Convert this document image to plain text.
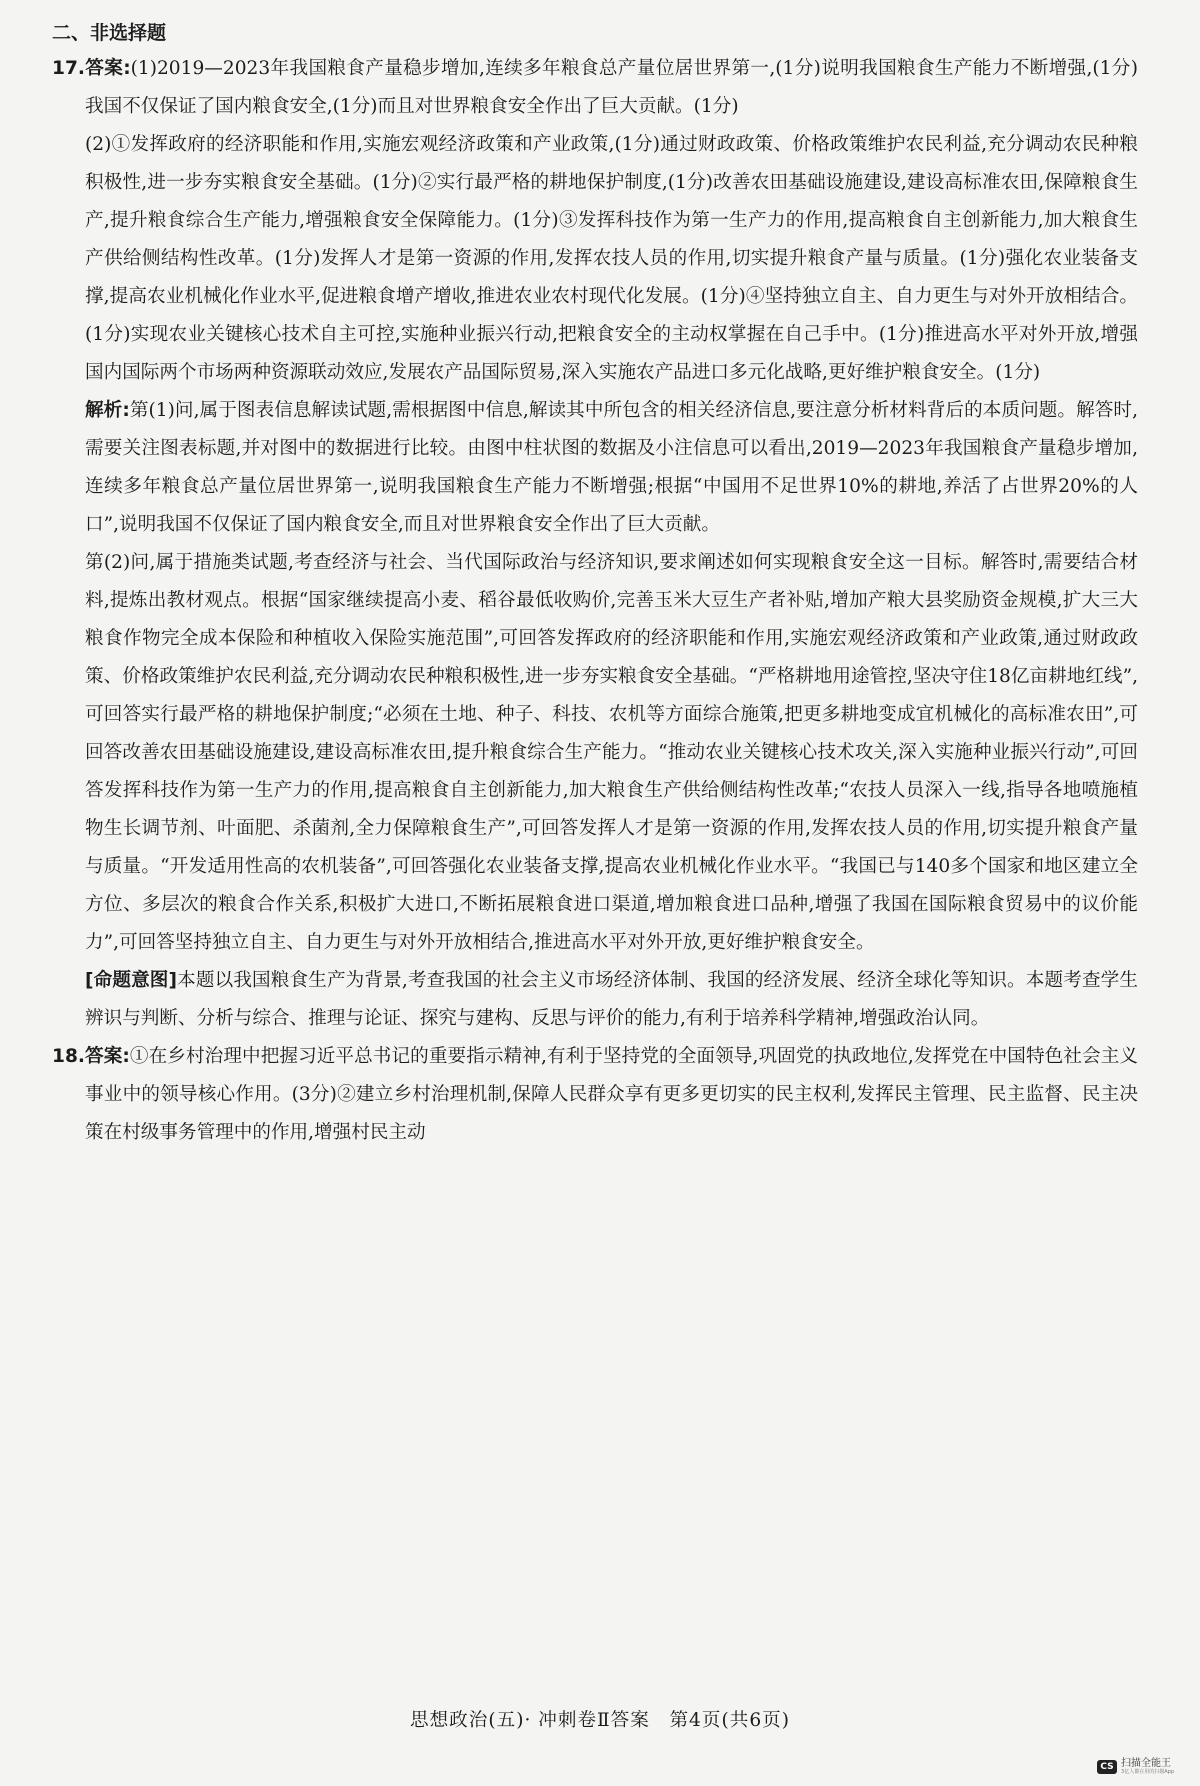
二、非选择题

17.答案:(1)2019—2023年我国粮食产量稳步增加,连续多年粮食总产量位居世界第一,(1分)说明我国粮食生产能力不断增强,(1分)我国不仅保证了国内粮食安全,(1分)而且对世界粮食安全作出了巨大贡献。(1分)

(2)①发挥政府的经济职能和作用,实施宏观经济政策和产业政策,(1分)通过财政政策、价格政策维护农民利益,充分调动农民种粮积极性,进一步夯实粮食安全基础。(1分)②实行最严格的耕地保护制度,(1分)改善农田基础设施建设,建设高标准农田,保障粮食生产,提升粮食综合生产能力,增强粮食安全保障能力。(1分)③发挥科技作为第一生产力的作用,提高粮食自主创新能力,加大粮食生产供给侧结构性改革。(1分)发挥人才是第一资源的作用,发挥农技人员的作用,切实提升粮食产量与质量。(1分)强化农业装备支撑,提高农业机械化作业水平,促进粮食增产增收,推进农业农村现代化发展。(1分)④坚持独立自主、自力更生与对外开放相结合。(1分)实现农业关键核心技术自主可控,实施种业振兴行动,把粮食安全的主动权掌握在自己手中。(1分)推进高水平对外开放,增强国内国际两个市场两种资源联动效应,发展农产品国际贸易,深入实施农产品进口多元化战略,更好维护粮食安全。(1分)

解析:第(1)问,属于图表信息解读试题,需根据图中信息,解读其中所包含的相关经济信息,要注意分析材料背后的本质问题。解答时,需要关注图表标题,并对图中的数据进行比较。由图中柱状图的数据及小注信息可以看出,2019—2023年我国粮食产量稳步增加,连续多年粮食总产量位居世界第一,说明我国粮食生产能力不断增强;根据“中国用不足世界10%的耕地,养活了占世界20%的人口”,说明我国不仅保证了国内粮食安全,而且对世界粮食安全作出了巨大贡献。

第(2)问,属于措施类试题,考查经济与社会、当代国际政治与经济知识,要求阐述如何实现粮食安全这一目标。解答时,需要结合材料,提炼出教材观点。根据“国家继续提高小麦、稻谷最低收购价,完善玉米大豆生产者补贴,增加产粮大县奖励资金规模,扩大三大粮食作物完全成本保险和种植收入保险实施范围”,可回答发挥政府的经济职能和作用,实施宏观经济政策和产业政策,通过财政政策、价格政策维护农民利益,充分调动农民种粮积极性,进一步夯实粮食安全基础。“严格耕地用途管控,坚决守住18亿亩耕地红线”,可回答实行最严格的耕地保护制度;“必须在土地、种子、科技、农机等方面综合施策,把更多耕地变成宜机械化的高标准农田”,可回答改善农田基础设施建设,建设高标准农田,提升粮食综合生产能力。“推动农业关键核心技术攻关,深入实施种业振兴行动”,可回答发挥科技作为第一生产力的作用,提高粮食自主创新能力,加大粮食生产供给侧结构性改革;“农技人员深入一线,指导各地喷施植物生长调节剂、叶面肥、杀菌剂,全力保障粮食生产”,可回答发挥人才是第一资源的作用,发挥农技人员的作用,切实提升粮食产量与质量。“开发适用性高的农机装备”,可回答强化农业装备支撑,提高农业机械化作业水平。“我国已与140多个国家和地区建立全方位、多层次的粮食合作关系,积极扩大进口,不断拓展粮食进口渠道,增加粮食进口品种,增强了我国在国际粮食贸易中的议价能力”,可回答坚持独立自主、自力更生与对外开放相结合,推进高水平对外开放,更好维护粮食安全。

[命题意图]本题以我国粮食生产为背景,考查我国的社会主义市场经济体制、我国的经济发展、经济全球化等知识。本题考查学生辨识与判断、分析与综合、推理与论证、探究与建构、反思与评价的能力,有利于培养科学精神,增强政治认同。

18.答案:①在乡村治理中把握习近平总书记的重要指示精神,有利于坚持党的全面领导,巩固党的执政地位,发挥党在中国特色社会主义事业中的领导核心作用。(3分)②建立乡村治理机制,保障人民群众享有更多更切实的民主权利,发挥民主管理、民主监督、民主决策在村级事务管理中的作用,增强村民主动

思想政治(五)· 冲刺卷Ⅱ答案　第4页(共6页)
CS 扫描全能王
3亿人都在用的扫描App
